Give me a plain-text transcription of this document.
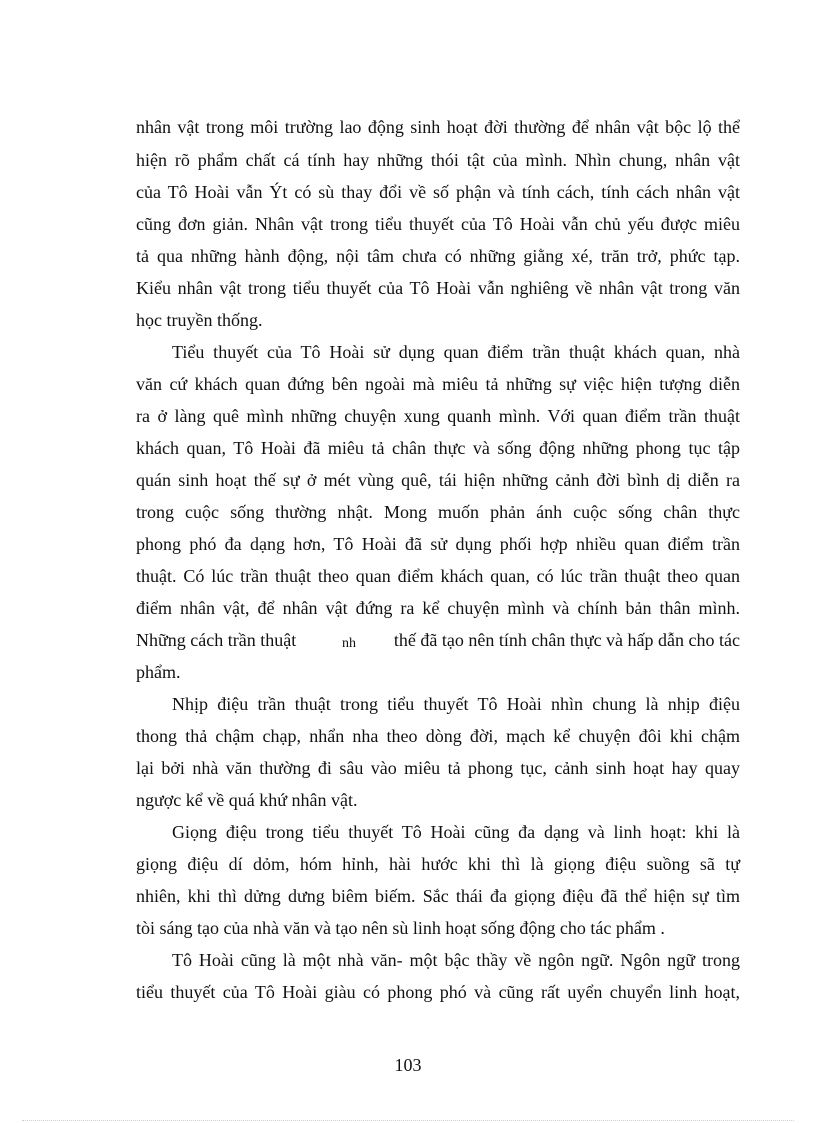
nhân vật trong môi trường lao động sinh hoạt đời thường để nhân vật bộc lộ thể

hiện rõ phẩm chất cá tính hay những thói tật của mình. Nhìn chung, nhân vật

của Tô Hoài vẫn Ýt có sù thay đổi về số phận và tính cách, tính cách nhân vật

cũng đơn giản. Nhân vật trong tiểu thuyết của Tô Hoài vẫn chủ yếu được miêu

tả qua những hành động, nội tâm chưa có những giằng xé, trăn trở, phức tạp.

Kiểu nhân vật trong tiểu thuyết của Tô Hoài vẫn nghiêng về nhân vật trong văn

học truyền thống.

Tiểu thuyết của Tô Hoài sử dụng quan điểm trần thuật khách quan, nhà

văn cứ khách quan đứng bên ngoài mà miêu tả những sự việc hiện tượng diễn

ra ở làng quê mình những chuyện xung quanh mình. Với quan điểm trần thuật

khách quan, Tô Hoài đã miêu tả chân thực và sống động những phong tục tập

quán sinh hoạt thế sự ở mét vùng quê, tái hiện những cảnh đời bình dị diễn ra

trong cuộc sống thường nhật. Mong muốn phản ánh cuộc sống chân thực

phong phó đa dạng hơn, Tô Hoài đã sử dụng phối hợp nhiều quan điểm trần

thuật. Có lúc trần thuật theo quan điểm khách quan, có lúc trần thuật theo quan

điểm nhân vật, để nhân vật đứng ra kể chuyện mình và chính bản thân mình.

Những cách trần thuật	nh	thế đã tạo nên tính chân thực và hấp dẫn cho tác

phẩm.

Nhịp điệu trần thuật trong tiểu thuyết Tô Hoài nhìn chung là nhịp điệu

thong thả chậm chạp, nhẩn nha theo dòng đời, mạch kể chuyện đôi khi chậm

lại bởi nhà văn thường đi sâu vào miêu tả phong tục, cảnh sinh hoạt hay quay

ngược kể về quá khứ nhân vật.

Giọng điệu trong tiểu thuyết Tô Hoài cũng đa dạng và linh hoạt: khi là

giọng điệu dí dỏm, hóm hỉnh, hài hước khi thì là giọng điệu suồng sã tự

nhiên, khi thì dửng dưng biêm biếm. Sắc thái đa giọng điệu đã thể hiện sự tìm

tòi sáng tạo của nhà văn và tạo nên sù linh hoạt sống động cho tác phẩm .

Tô Hoài cũng là một nhà văn- một bậc thầy về ngôn ngữ. Ngôn ngữ trong

tiểu thuyết của Tô Hoài giàu có phong phó và cũng rất uyển chuyển linh hoạt,

103
